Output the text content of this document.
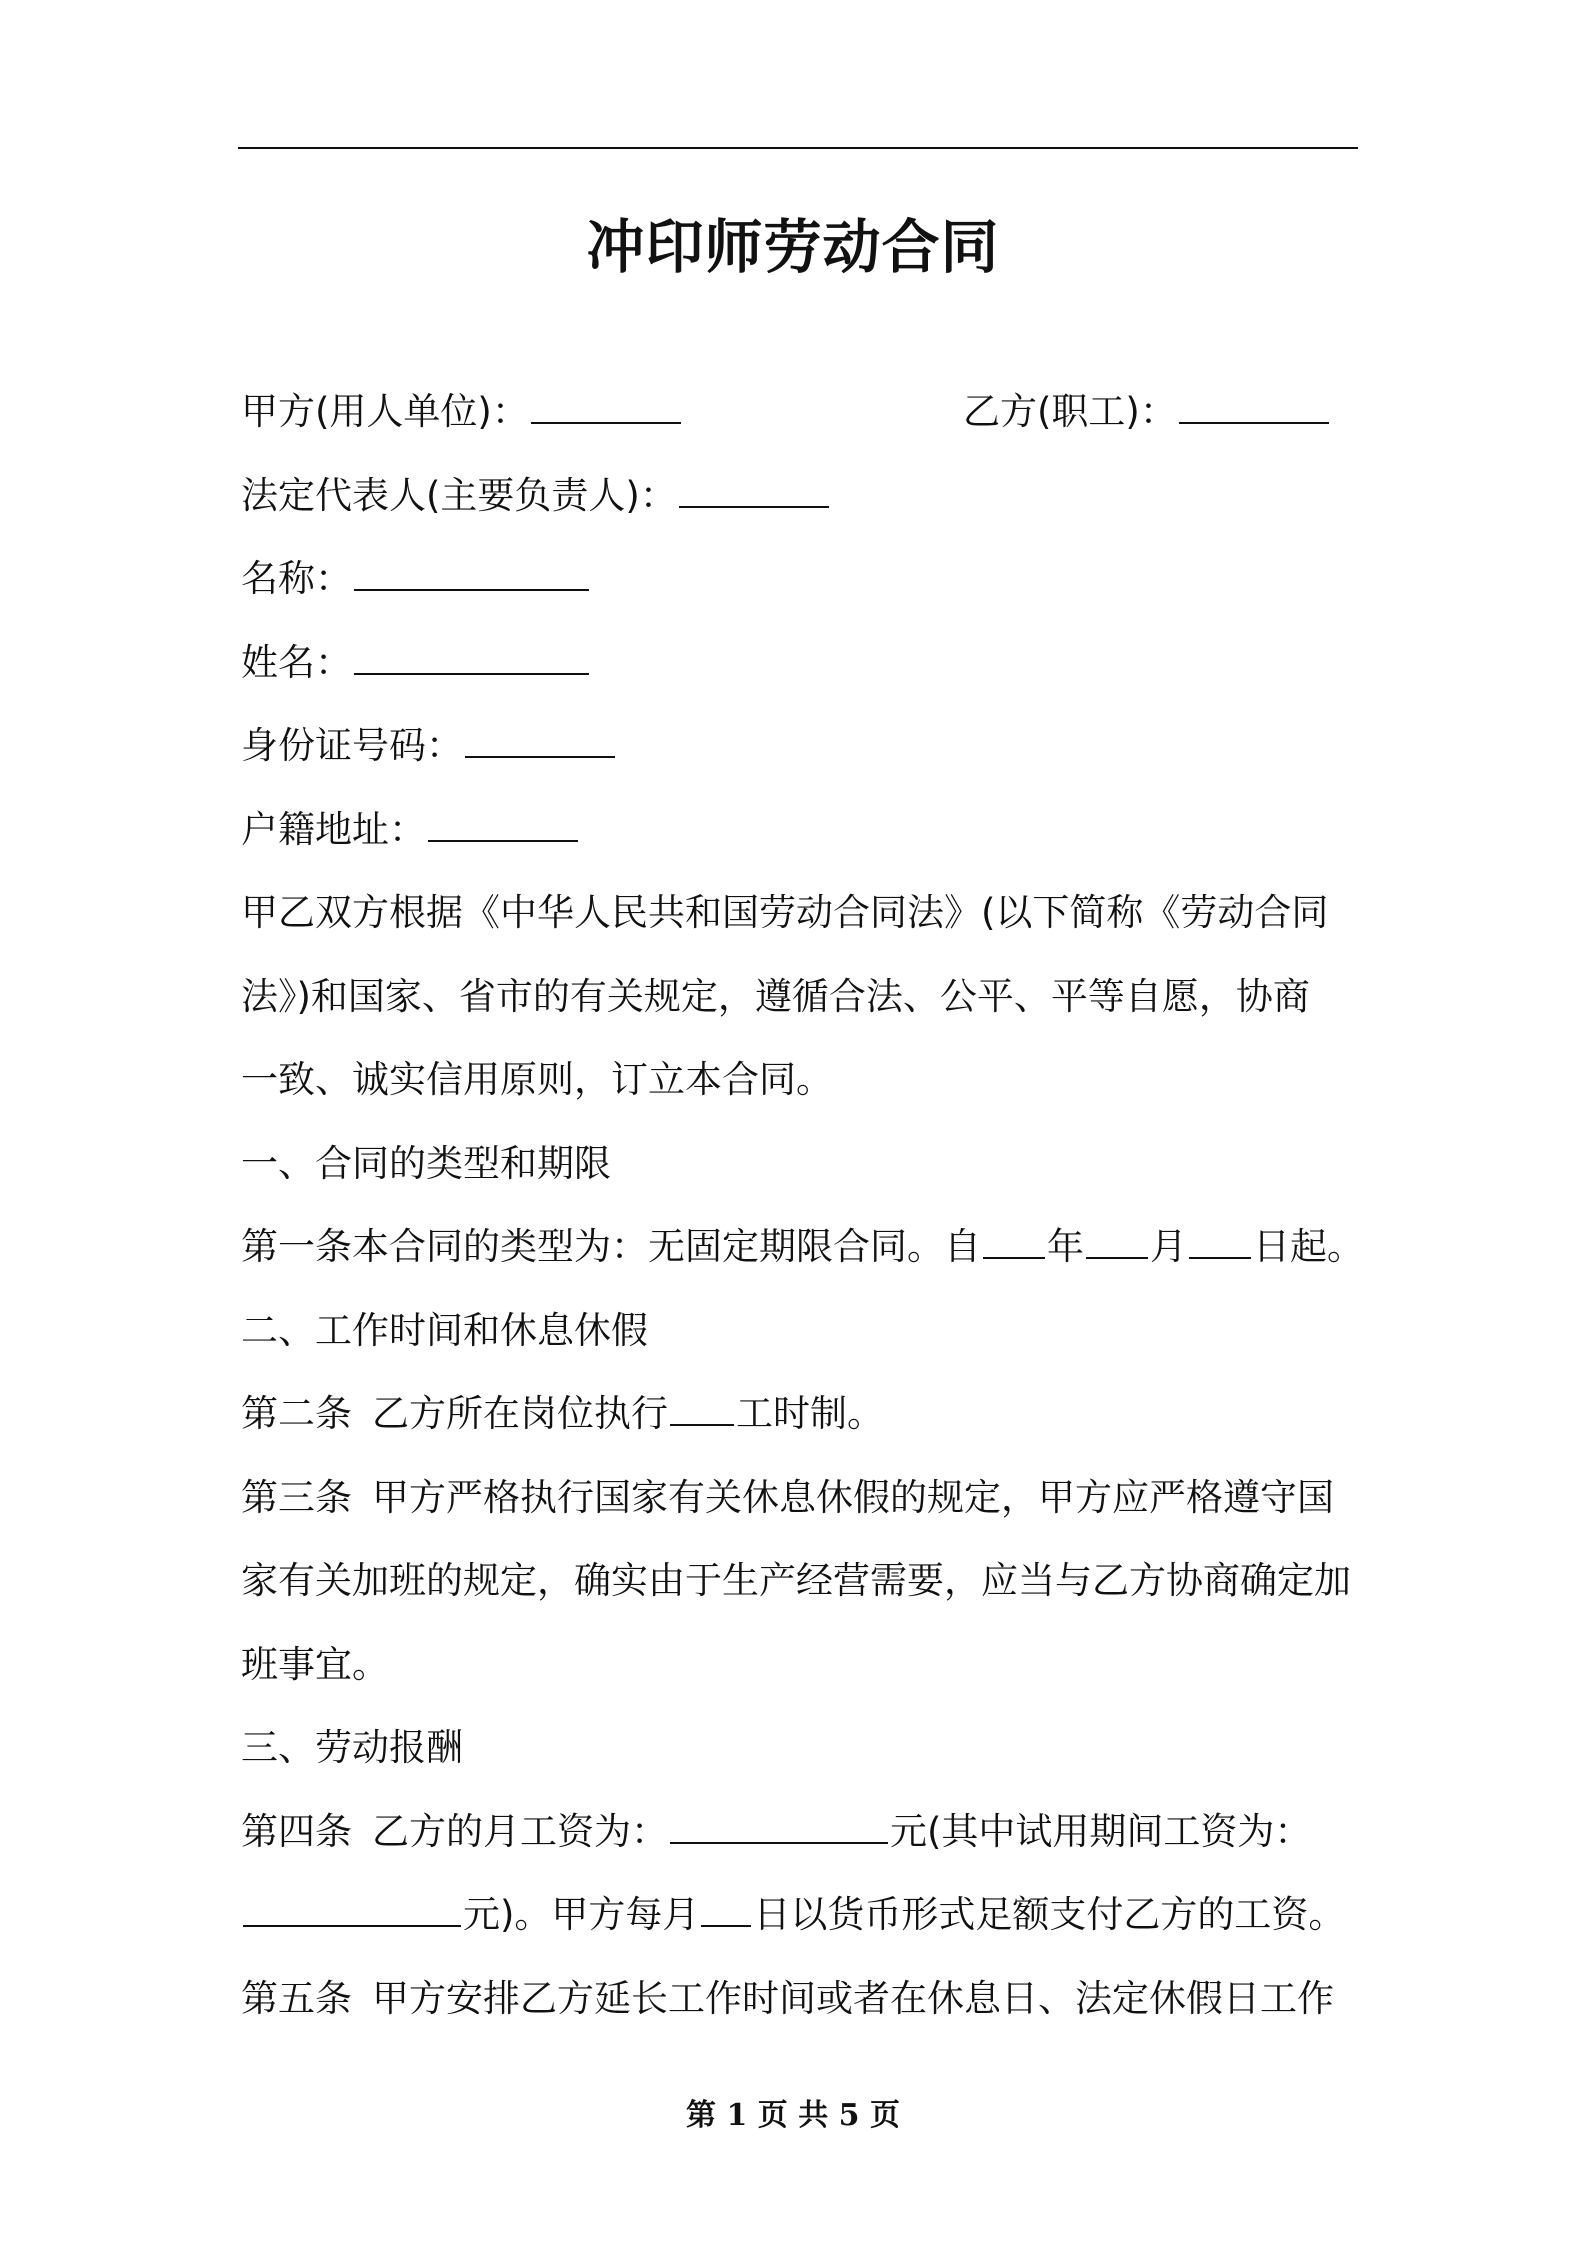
冲印师劳动合同
甲方(用人单位)：	乙方(职工)：
法定代表人(主要负责人)：
名称：
姓名：
身份证号码：
户籍地址：
甲乙双方根据《中华人民共和国劳动合同法》(以下简称《劳动合同
法》)和国家、省市的有关规定，遵循合法、公平、平等自愿，协商
一致、诚实信用原则，订立本合同。
一、合同的类型和期限
第一条本合同的类型为：无固定期限合同。自 年 月 日起。
二、工作时间和休息休假
第二条 乙方所在岗位执行 工时制。
第三条 甲方严格执行国家有关休息休假的规定，甲方应严格遵守国
家有关加班的规定，确实由于生产经营需要，应当与乙方协商确定加
班事宜。
三、劳动报酬
第四条 乙方的月工资为：	元(其中试用期间工资为：
元)。甲方每月 日以货币形式足额支付乙方的工资。
第五条 甲方安排乙方延长工作时间或者在休息日、法定休假日工作
第 1 页 共 5 页
